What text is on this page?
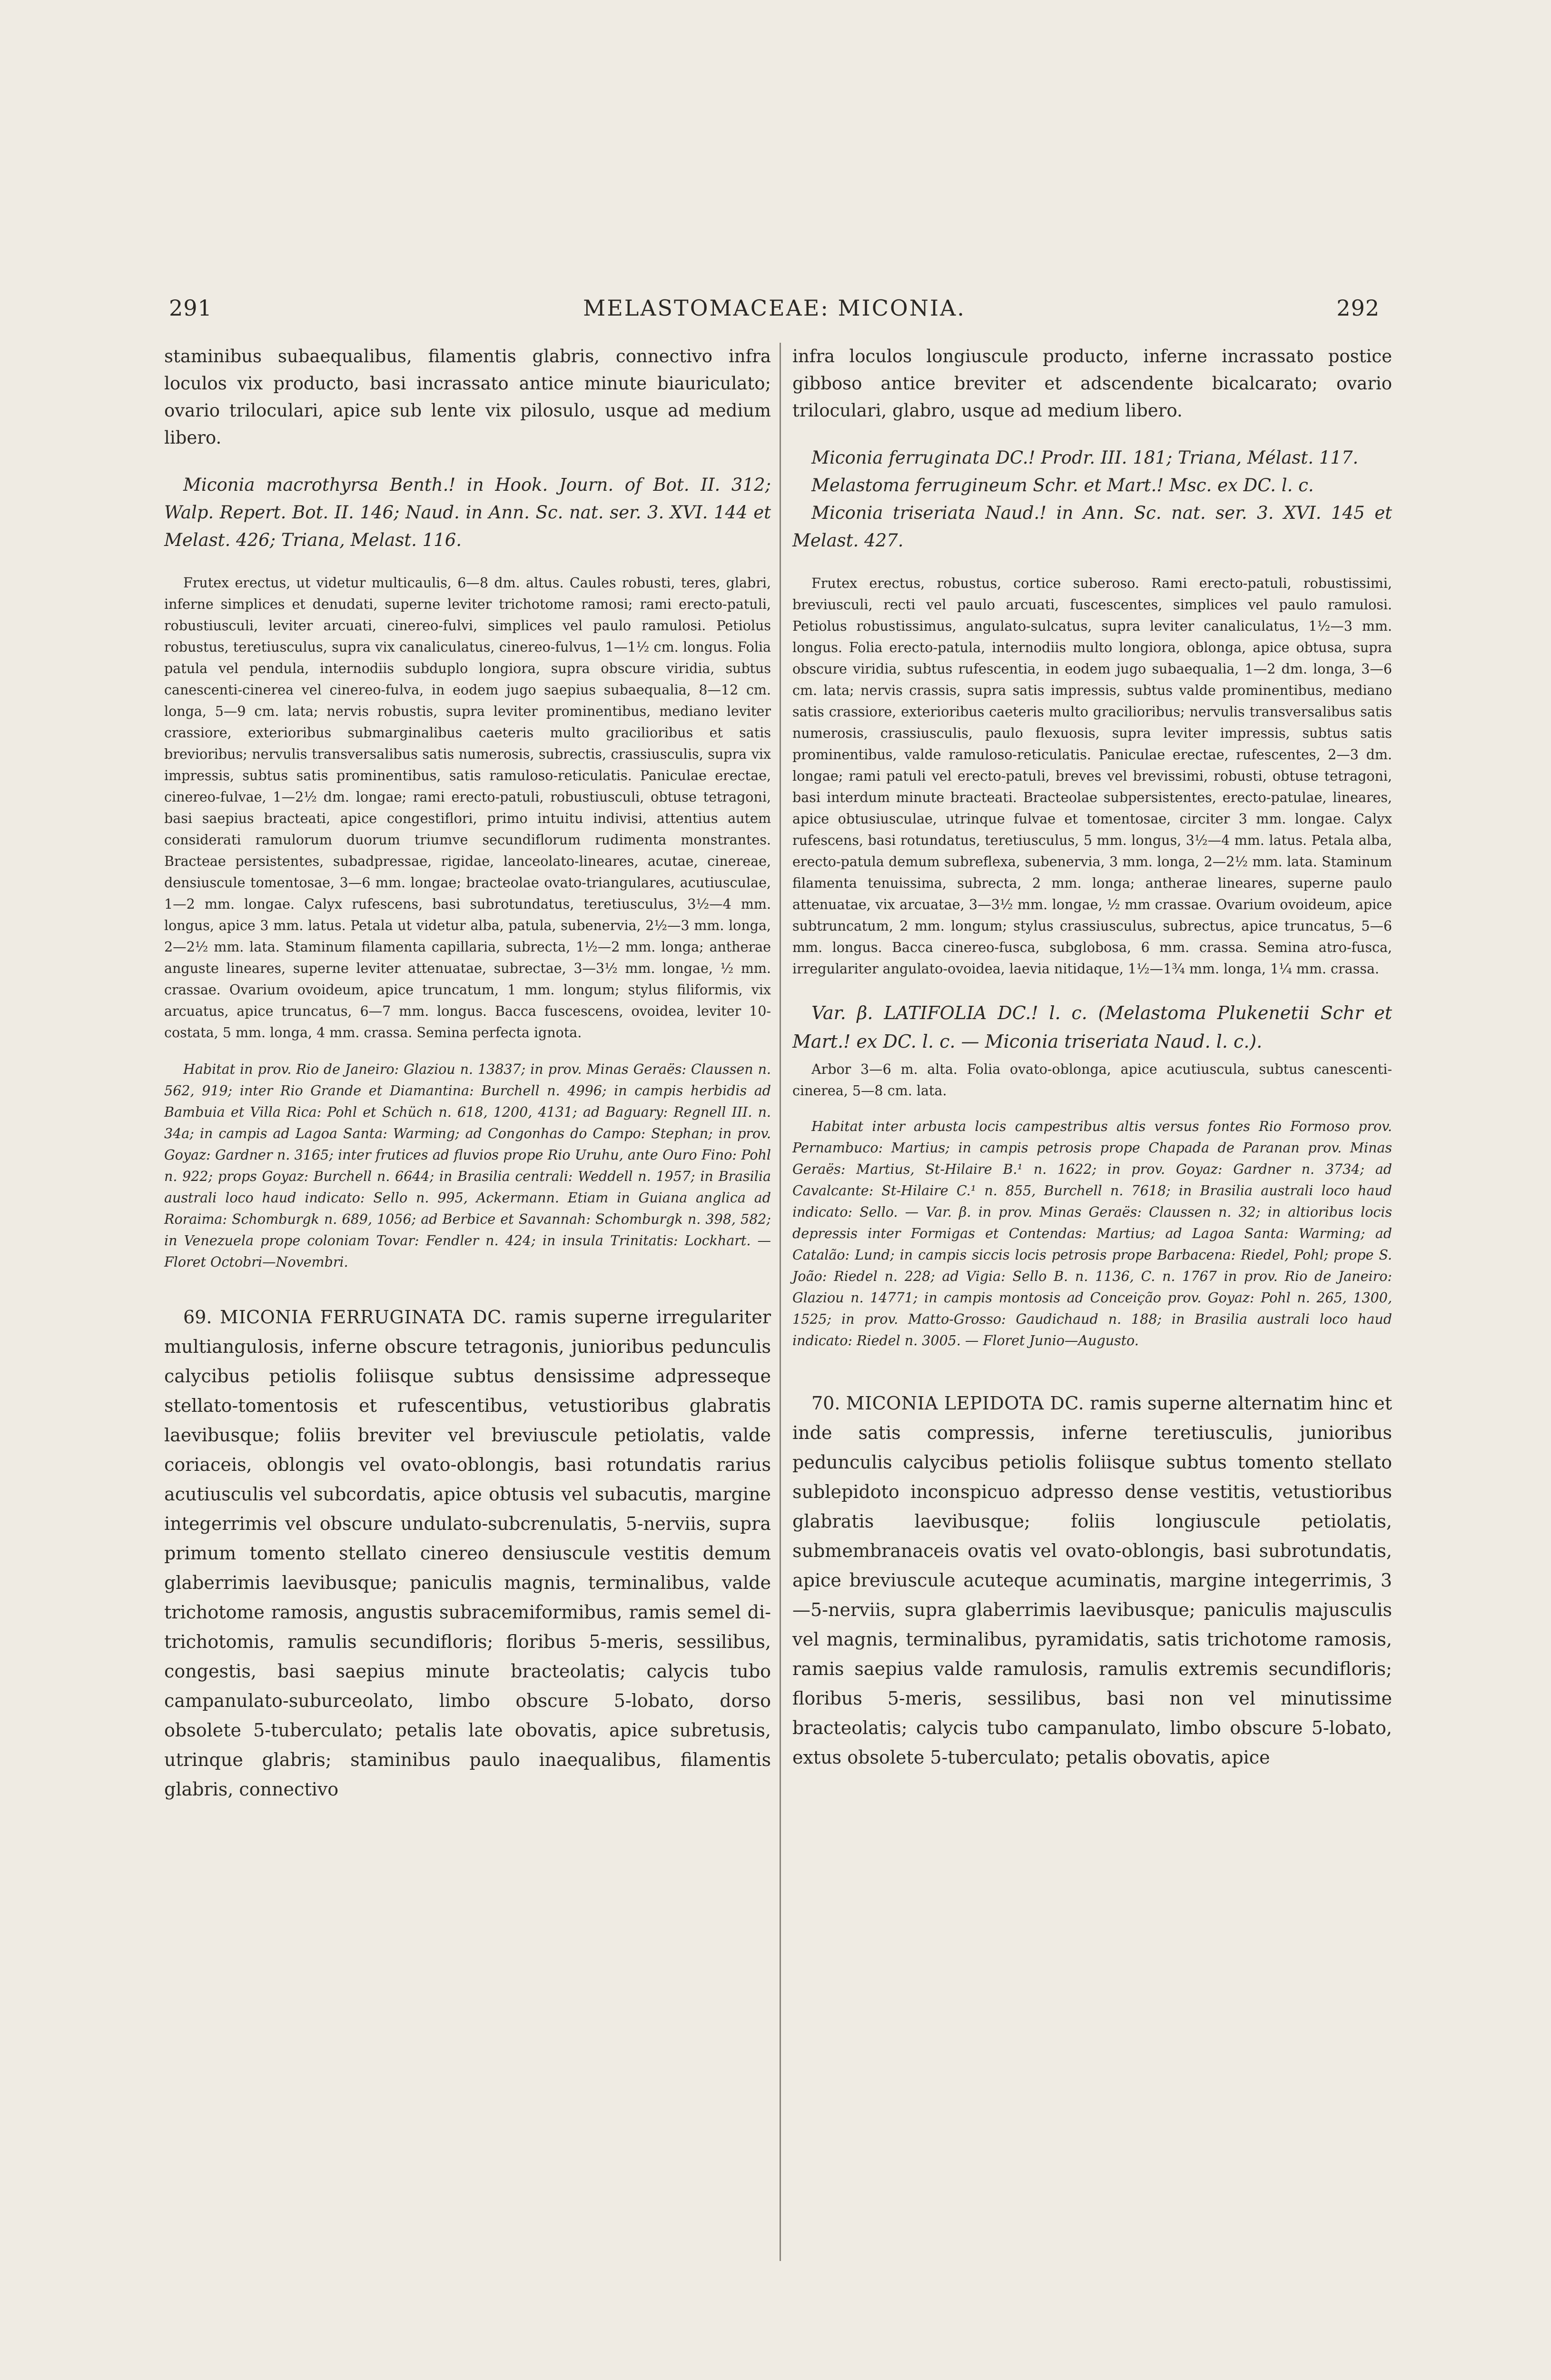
291	MELASTOMACEAE: MICONIA.	292

staminibus subaequalibus, filamentis glabris, connectivo infra loculos vix producto, basi incrassato antice minute biauriculato; ovario triloculari, apice sub lente vix pilosulo, usque ad medium libero.

Miconia macrothyrsa Benth.! in Hook. Journ. of Bot. II. 312; Walp. Repert. Bot. II. 146; Naud. in Ann. Sc. nat. ser. 3. XVI. 144 et Melast. 426; Triana, Melast. 116.

Frutex erectus, ut videtur multicaulis, 6—8 dm. altus. Caules robusti, teres, glabri, inferne simplices et denudati, superne leviter trichotome ramosi; rami erecto-patuli, robustiusculi, leviter arcuati, cinereo-fulvi, simplices vel paulo ramulosi. Petiolus robustus, teretiusculus, supra vix canaliculatus, cinereo-fulvus, 1—1½ cm. longus. Folia patula vel pendula, internodiis subduplo longiora, supra obscure viridia, subtus canescenti-cinerea vel cinereo-fulva, in eodem jugo saepius subaequalia, 8—12 cm. longa, 5—9 cm. lata; nervis robustis, supra leviter prominentibus, mediano leviter crassiore, exterioribus submarginalibus caeteris multo gracilioribus et satis brevioribus; nervulis transversalibus satis numerosis, subrectis, crassiusculis, supra vix impressis, subtus satis prominentibus, satis ramuloso-reticulatis. Paniculae erectae, cinereo-fulvae, 1—2½ dm. longae; rami erecto-patuli, robustiusculi, obtuse tetragoni, basi saepius bracteati, apice congestiflori, primo intuitu indivisi, attentius autem considerati ramulorum duorum triumve secundiflorum rudimenta monstrantes. Bracteae persistentes, subadpressae, rigidae, lanceolato-lineares, acutae, cinereae, densiuscule tomentosae, 3—6 mm. longae; bracteolae ovato-triangulares, acutiusculae, 1—2 mm. longae. Calyx rufescens, basi subrotundatus, teretiusculus, 3½—4 mm. longus, apice 3 mm. latus. Petala ut videtur alba, patula, subenervia, 2½—3 mm. longa, 2—2½ mm. lata. Staminum filamenta capillaria, subrecta, 1½—2 mm. longa; antherae anguste lineares, superne leviter attenuatae, subrectae, 3—3½ mm. longae, ½ mm. crassae. Ovarium ovoideum, apice truncatum, 1 mm. longum; stylus filiformis, vix arcuatus, apice truncatus, 6—7 mm. longus. Bacca fuscescens, ovoidea, leviter 10-costata, 5 mm. longa, 4 mm. crassa. Semina perfecta ignota.

Habitat in prov. Rio de Janeiro: Glaziou n. 13837; in prov. Minas Geraës: Claussen n. 562, 919; inter Rio Grande et Diamantina: Burchell n. 4996; in campis herbidis ad Bambuia et Villa Rica: Pohl et Schüch n. 618, 1200, 4131; ad Baguary: Regnell III. n. 34a; in campis ad Lagoa Santa: Warming; ad Congonhas do Campo: Stephan; in prov. Goyaz: Gardner n. 3165; inter frutices ad fluvios prope Rio Uruhu, ante Ouro Fino: Pohl n. 922; props Goyaz: Burchell n. 6644; in Brasilia centrali: Weddell n. 1957; in Brasilia australi loco haud indicato: Sello n. 995, Ackermann. Etiam in Guiana anglica ad Roraima: Schomburgk n. 689, 1056; ad Berbice et Savannah: Schomburgk n. 398, 582; in Venezuela prope coloniam Tovar: Fendler n. 424; in insula Trinitatis: Lockhart. — Floret Octobri—Novembri.

69. MICONIA FERRUGINATA DC. ramis superne irregulariter multiangulosis, inferne obscure tetragonis, junioribus pedunculis calycibus petiolis foliisque subtus densissime adpresseque stellato-tomentosis et rufescentibus, vetustioribus glabratis laevibusque; foliis breviter vel breviuscule petiolatis, valde coriaceis, oblongis vel ovato-oblongis, basi rotundatis rarius acutiusculis vel subcordatis, apice obtusis vel subacutis, margine integerrimis vel obscure undulato-subcrenulatis, 5-nerviis, supra primum tomento stellato cinereo densiuscule vestitis demum glaberrimis laevibusque; paniculis magnis, terminalibus, valde trichotome ramosis, angustis subracemiformibus, ramis semel di-trichotomis, ramulis secundifloris; floribus 5-meris, sessilibus, congestis, basi saepius minute bracteolatis; calycis tubo campanulato-suburceolato, limbo obscure 5-lobato, dorso obsolete 5-tuberculato; petalis late obovatis, apice subretusis, utrinque glabris; staminibus paulo inaequalibus, filamentis glabris, connectivo

infra loculos longiuscule producto, inferne incrassato postice gibboso antice breviter et adscendente bicalcarato; ovario triloculari, glabro, usque ad medium libero.

Miconia ferruginata DC.! Prodr. III. 181; Triana, Mélast. 117.

Melastoma ferrugineum Schr. et Mart.! Msc. ex DC. l. c.

Miconia triseriata Naud.! in Ann. Sc. nat. ser. 3. XVI. 145 et Melast. 427.

Frutex erectus, robustus, cortice suberoso. Rami erecto-patuli, robustissimi, breviusculi, recti vel paulo arcuati, fuscescentes, simplices vel paulo ramulosi. Petiolus robustissimus, angulato-sulcatus, supra leviter canaliculatus, 1½—3 mm. longus. Folia erecto-patula, internodiis multo longiora, oblonga, apice obtusa, supra obscure viridia, subtus rufescentia, in eodem jugo subaequalia, 1—2 dm. longa, 3—6 cm. lata; nervis crassis, supra satis impressis, subtus valde prominentibus, mediano satis crassiore, exterioribus caeteris multo gracilioribus; nervulis transversalibus satis numerosis, crassiusculis, paulo flexuosis, supra leviter impressis, subtus satis prominentibus, valde ramuloso-reticulatis. Paniculae erectae, rufescentes, 2—3 dm. longae; rami patuli vel erecto-patuli, breves vel brevissimi, robusti, obtuse tetragoni, basi interdum minute bracteati. Bracteolae subpersistentes, erecto-patulae, lineares, apice obtusiusculae, utrinque fulvae et tomentosae, circiter 3 mm. longae. Calyx rufescens, basi rotundatus, teretiusculus, 5 mm. longus, 3½—4 mm. latus. Petala alba, erecto-patula demum subreflexa, subenervia, 3 mm. longa, 2—2½ mm. lata. Staminum filamenta tenuissima, subrecta, 2 mm. longa; antherae lineares, superne paulo attenuatae, vix arcuatae, 3—3½ mm. longae, ½ mm crassae. Ovarium ovoideum, apice subtruncatum, 2 mm. longum; stylus crassiusculus, subrectus, apice truncatus, 5—6 mm. longus. Bacca cinereo-fusca, subglobosa, 6 mm. crassa. Semina atro-fusca, irregulariter angulato-ovoidea, laevia nitidaque, 1½—1¾ mm. longa, 1¼ mm. crassa.

Var. β. LATIFOLIA DC.! l. c. (Melastoma Plukenetii Schr et Mart.! ex DC. l. c. — Miconia triseriata Naud. l. c.).

Arbor 3—6 m. alta. Folia ovato-oblonga, apice acutiuscula, subtus canescenti-cinerea, 5—8 cm. lata.

Habitat inter arbusta locis campestribus altis versus fontes Rio Formoso prov. Pernambuco: Martius; in campis petrosis prope Chapada de Paranan prov. Minas Geraës: Martius, St-Hilaire B.¹ n. 1622; in prov. Goyaz: Gardner n. 3734; ad Cavalcante: St-Hilaire C.¹ n. 855, Burchell n. 7618; in Brasilia australi loco haud indicato: Sello. — Var. β. in prov. Minas Geraës: Claussen n. 32; in altioribus locis depressis inter Formigas et Contendas: Martius; ad Lagoa Santa: Warming; ad Catalão: Lund; in campis siccis locis petrosis prope Barbacena: Riedel, Pohl; prope S. João: Riedel n. 228; ad Vigia: Sello B. n. 1136, C. n. 1767 in prov. Rio de Janeiro: Glaziou n. 14771; in campis montosis ad Conceição prov. Goyaz: Pohl n. 265, 1300, 1525; in prov. Matto-Grosso: Gaudichaud n. 188; in Brasilia australi loco haud indicato: Riedel n. 3005. — Floret Junio—Augusto.

70. MICONIA LEPIDOTA DC. ramis superne alternatim hinc et inde satis compressis, inferne teretiusculis, junioribus pedunculis calycibus petiolis foliisque subtus tomento stellato sublepidoto inconspicuo adpresso dense vestitis, vetustioribus glabratis laevibusque; foliis longiuscule petiolatis, submembranaceis ovatis vel ovato-oblongis, basi subrotundatis, apice breviuscule acuteque acuminatis, margine integerrimis, 3—5-nerviis, supra glaberrimis laevibusque; paniculis majusculis vel magnis, terminalibus, pyramidatis, satis trichotome ramosis, ramis saepius valde ramulosis, ramulis extremis secundifloris; floribus 5-meris, sessilibus, basi non vel minutissime bracteolatis; calycis tubo campanulato, limbo obscure 5-lobato, extus obsolete 5-tuberculato; petalis obovatis, apice
